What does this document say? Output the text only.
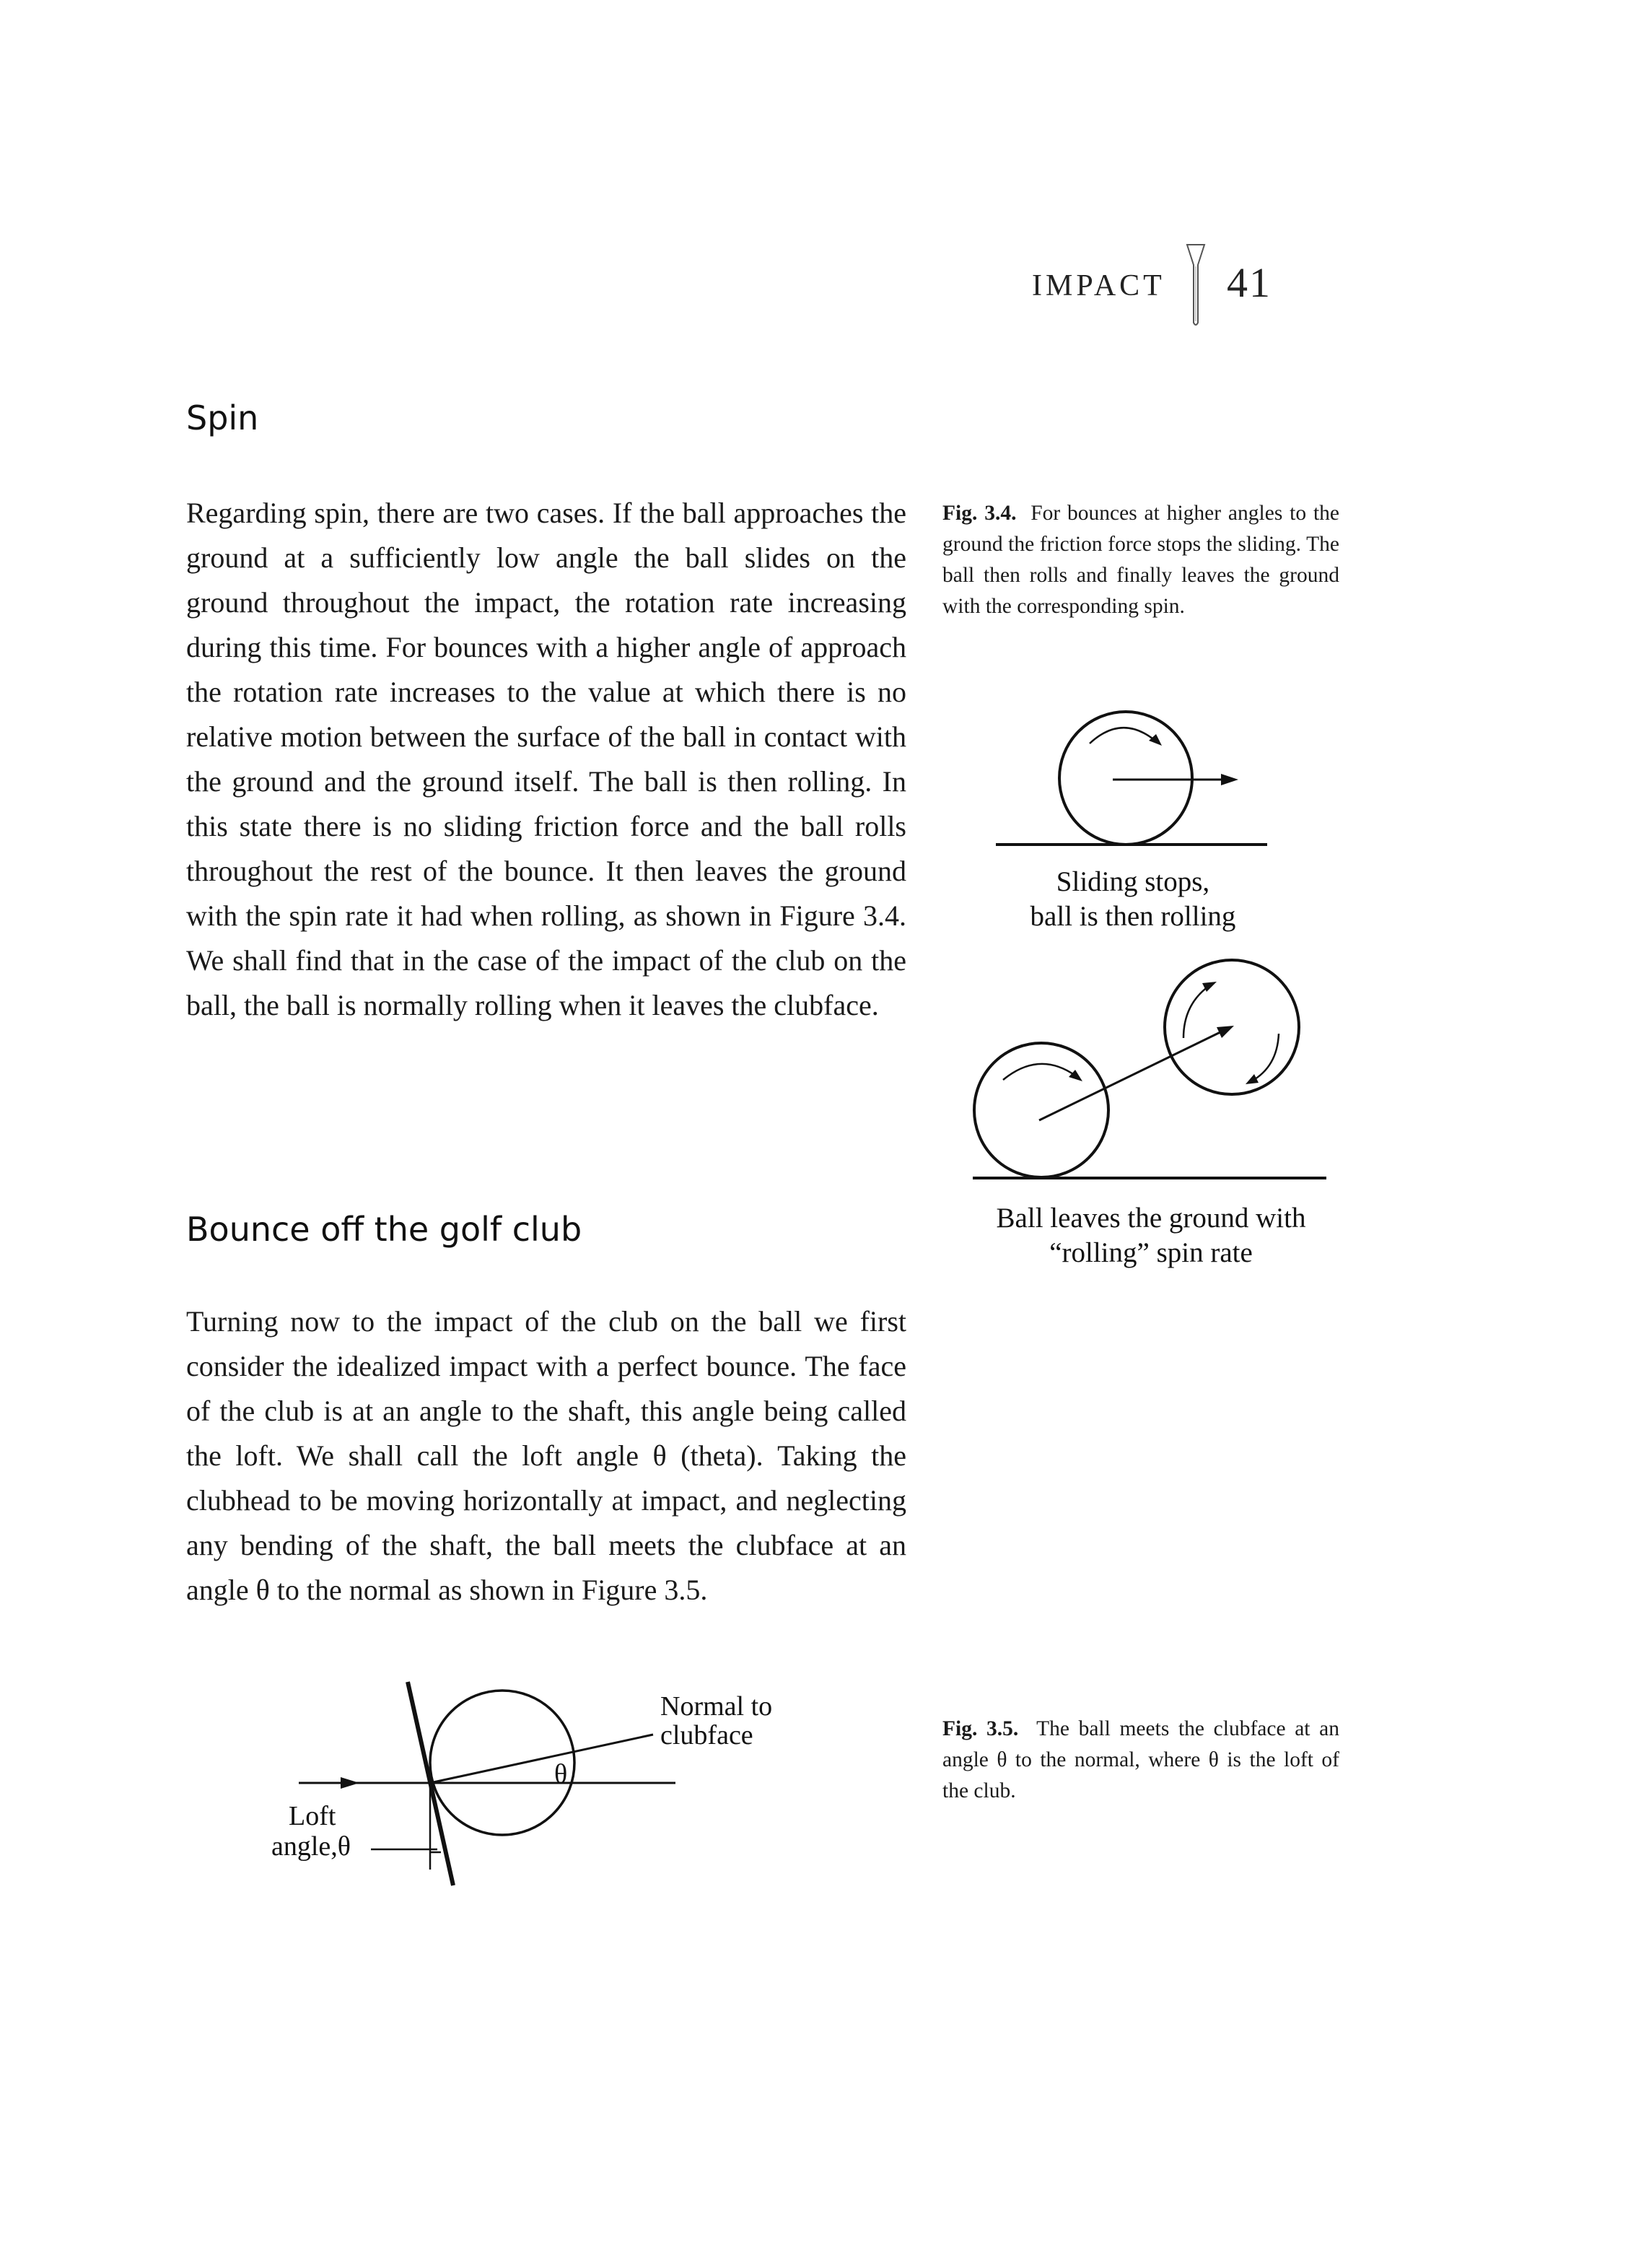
IMPACT 41
Spin

Regarding spin, there are two cases. If the ball approaches the ground at a sufficiently low angle the ball slides on the ground throughout the impact, the rotation rate increasing during this time. For bounces with a higher angle of approach the rotation rate increases to the value at which there is no relative motion between the surface of the ball in contact with the ground and the ground itself. The ball is then rolling. In this state there is no sliding friction force and the ball rolls throughout the rest of the bounce. It then leaves the ground with the spin rate it had when rolling, as shown in Figure 3.4. We shall find that in the case of the impact of the club on the ball, the ball is normally rolling when it leaves the clubface.

Bounce off the golf club

Turning now to the impact of the club on the ball we first consider the idealized impact with a perfect bounce. The face of the club is at an angle to the shaft, this angle being called the loft. We shall call the loft angle θ (theta). Taking the clubhead to be moving horizontally at impact, and neglecting any bending of the shaft, the ball meets the clubface at an angle θ to the normal as shown in Figure 3.5.

Fig. 3.4. For bounces at higher angles to the ground the friction force stops the sliding. The ball then rolls and finally leaves the ground with the corresponding spin.

Sliding stops,
ball is then rolling
Ball leaves the ground with
“rolling” spin rate
θ
Normal to
clubface
Loft
angle,θ

Fig. 3.5. The ball meets the clubface at an angle θ to the normal, where θ is the loft of the club.
